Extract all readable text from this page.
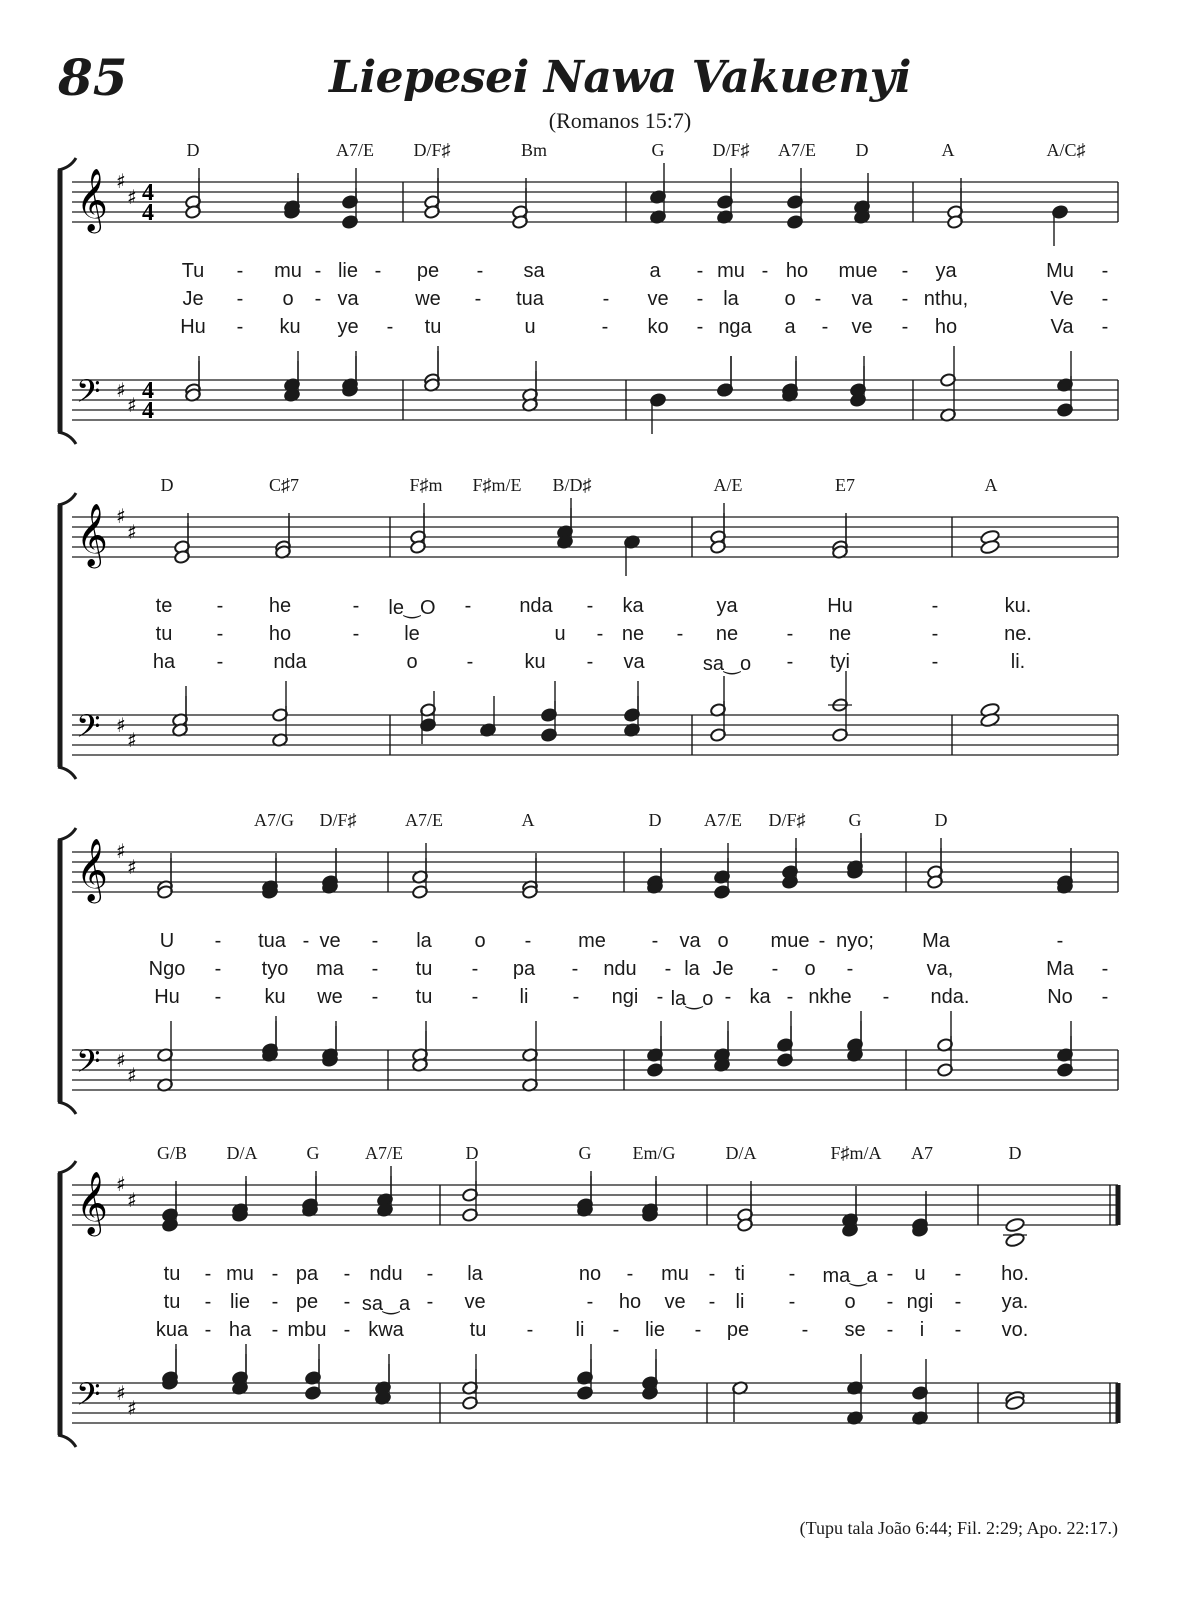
85	Liepesei Nawa Vakuenyi
(Romanos 15:7)
𝄞 ♯
♯ 4
4
𝄢 ♯
♯
4
4
D	A7/E D/F♯	Bm	G	D/F♯ A7/E D	A	A/C♯
Tu - mu - lie - pe - sa	a - mu - ho mue - ya	Mu -
Je - o - va	we - tua	- ve - la o - va - nthu,	Ve -
Hu - ku ye - tu	u	- ko - nga a - ve - ho	Va -
𝄞 ♯
♯
𝄢 ♯
♯
D	C♯7	F♯m F♯m/E B/D♯	A/E	E7	A
te - he	- le‿O - nda - ka	ya	Hu	-	ku.
tu - ho	- le	u - ne - ne - ne	-	ne.
ha - nda	o -	ku - va	sa‿o - tyi	-	li.
𝄞 ♯
♯
𝄢 ♯
♯
A7/G D/F♯	A7/E	A	D A7/E D/F♯ G	D
U - tua - ve - la o - me - va o mue - nyo; Ma	-
Ngo - tyo ma - tu - pa - ndu - la Je - o -	va,	Ma -
Hu - ku we - tu - li - ngi - la‿o - ka - nkhe - nda.	No -
𝄞 ♯
♯
𝄢 ♯
♯
G/B D/A	G	A7/E	D	G Em/G	D/A	F♯m/A A7	D
tu - mu - pa - ndu - la	no - mu - ti - ma‿a - u - ho.
tu - lie - pe - sa‿a - ve	- ho ve - li - o - ngi - ya.
kua - ha - mbu - kwa	tu - li - lie - pe	- se - i - vo.
(Tupu tala João 6:44; Fil. 2:29; Apo. 22:17.)
